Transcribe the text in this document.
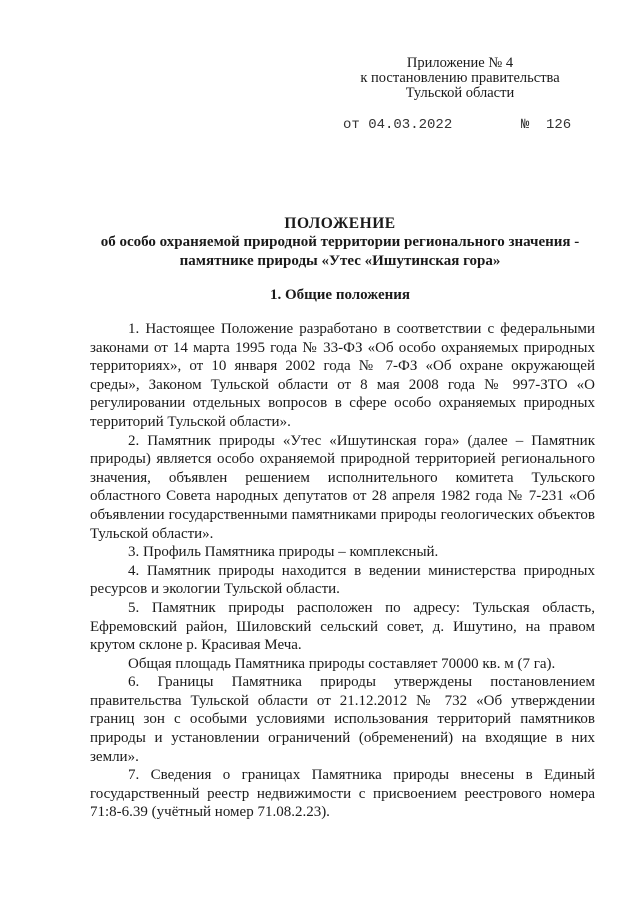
Приложение № 4
к постановлению правительства
Тульской области
от 04.03.2022	№ 126
ПОЛОЖЕНИЕ
об особо охраняемой природной территории регионального значения -
памятнике природы «Утес «Ишутинская гора»
1. Общие положения

1. Настоящее Положение разработано в соответствии с федеральными законами от 14 марта 1995 года № 33-ФЗ «Об особо охраняемых природных территориях», от 10 января 2002 года № 7-ФЗ «Об охране окружающей среды», Законом Тульской области от 8 мая 2008 года № 997-ЗТО «О регулировании отдельных вопросов в сфере особо охраняемых природных территорий Тульской области».

2. Памятник природы «Утес «Ишутинская гора» (далее – Памятник природы) является особо охраняемой природной территорией регионального значения, объявлен решением исполнительного комитета Тульского областного Совета народных депутатов от 28 апреля 1982 года № 7-231 «Об объявлении государственными памятниками природы геологических объектов Тульской области».

3. Профиль Памятника природы – комплексный.

4. Памятник природы находится в ведении министерства природных ресурсов и экологии Тульской области.

5. Памятник природы расположен по адресу: Тульская область, Ефремовский район, Шиловский сельский совет, д. Ишутино, на правом крутом склоне р. Красивая Меча.

Общая площадь Памятника природы составляет 70000 кв. м (7 га).

6. Границы Памятника природы утверждены постановлением правительства Тульской области от 21.12.2012 № 732 «Об утверждении границ зон с особыми условиями использования территорий памятников природы и установлении ограничений (обременений) на входящие в них земли».

7. Сведения о границах Памятника природы внесены в Единый государственный реестр недвижимости с присвоением реестрового номера 71:8-6.39 (учётный номер 71.08.2.23).
